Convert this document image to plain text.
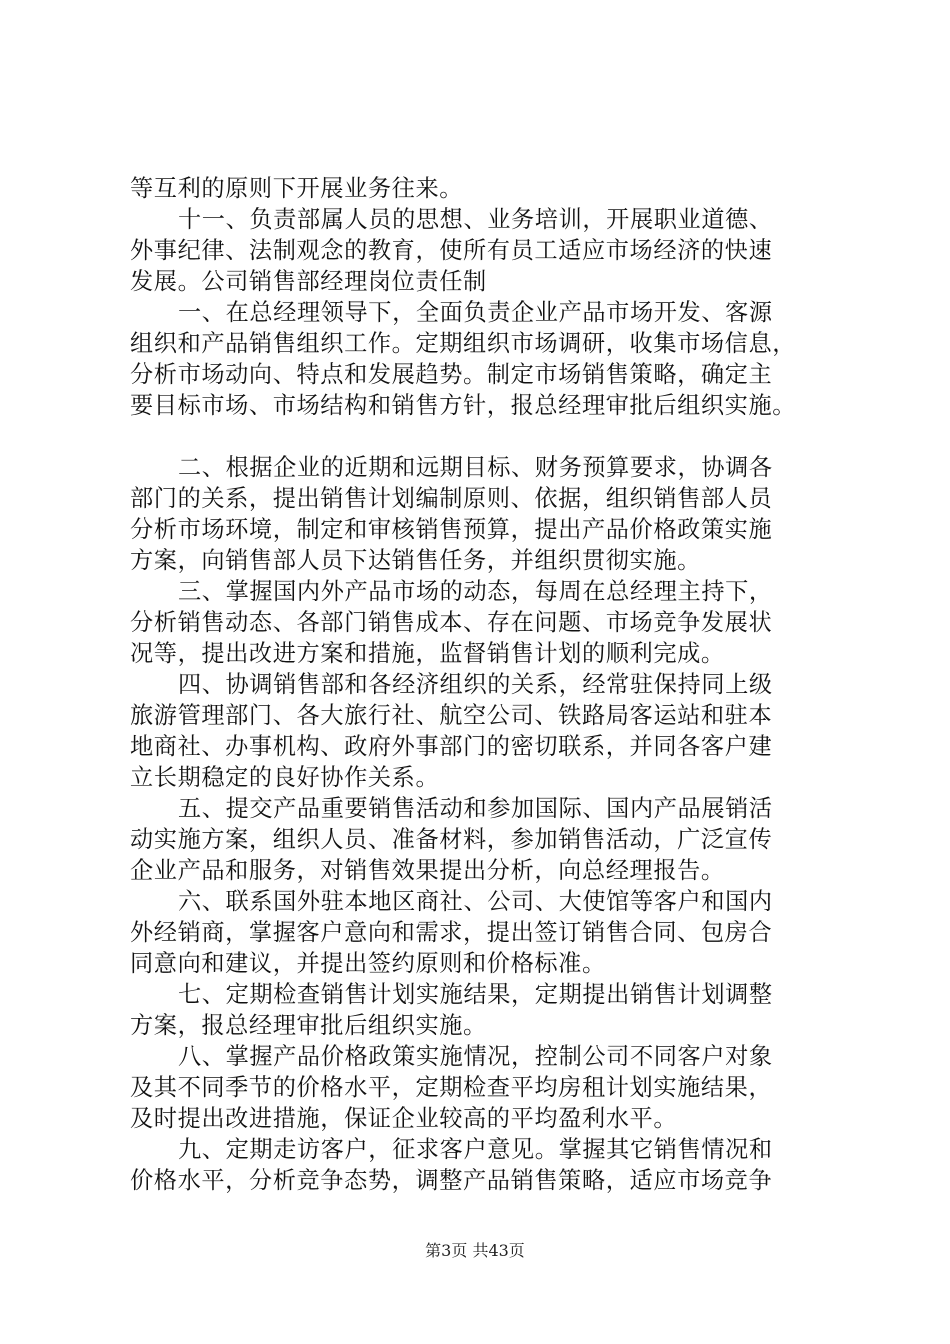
等互利的原则下开展业务往来。
十一、负责部属人员的思想、业务培训，开展职业道德、
外事纪律、法制观念的教育，使所有员工适应市场经济的快速
发展。公司销售部经理岗位责任制
一、在总经理领导下，全面负责企业产品市场开发、客源
组织和产品销售组织工作。定期组织市场调研，收集市场信息，
分析市场动向、特点和发展趋势。制定市场销售策略，确定主
要目标市场、市场结构和销售方针，报总经理审批后组织实施。
二、根据企业的近期和远期目标、财务预算要求，协调各
部门的关系，提出销售计划编制原则、依据，组织销售部人员
分析市场环境，制定和审核销售预算，提出产品价格政策实施
方案，向销售部人员下达销售任务，并组织贯彻实施。
三、掌握国内外产品市场的动态，每周在总经理主持下，
分析销售动态、各部门销售成本、存在问题、市场竞争发展状
况等，提出改进方案和措施，监督销售计划的顺利完成。
四、协调销售部和各经济组织的关系，经常驻保持同上级
旅游管理部门、各大旅行社、航空公司、铁路局客运站和驻本
地商社、办事机构、政府外事部门的密切联系，并同各客户建
立长期稳定的良好协作关系。
五、提交产品重要销售活动和参加国际、国内产品展销活
动实施方案，组织人员、准备材料，参加销售活动，广泛宣传
企业产品和服务，对销售效果提出分析，向总经理报告。
六、联系国外驻本地区商社、公司、大使馆等客户和国内
外经销商，掌握客户意向和需求，提出签订销售合同、包房合
同意向和建议，并提出签约原则和价格标准。
七、定期检查销售计划实施结果，定期提出销售计划调整
方案，报总经理审批后组织实施。
八、掌握产品价格政策实施情况，控制公司不同客户对象
及其不同季节的价格水平，定期检查平均房租计划实施结果，
及时提出改进措施，保证企业较高的平均盈利水平。
九、定期走访客户，征求客户意见。掌握其它销售情况和
价格水平，分析竞争态势，调整产品销售策略，适应市场竞争
第3页 共43页
